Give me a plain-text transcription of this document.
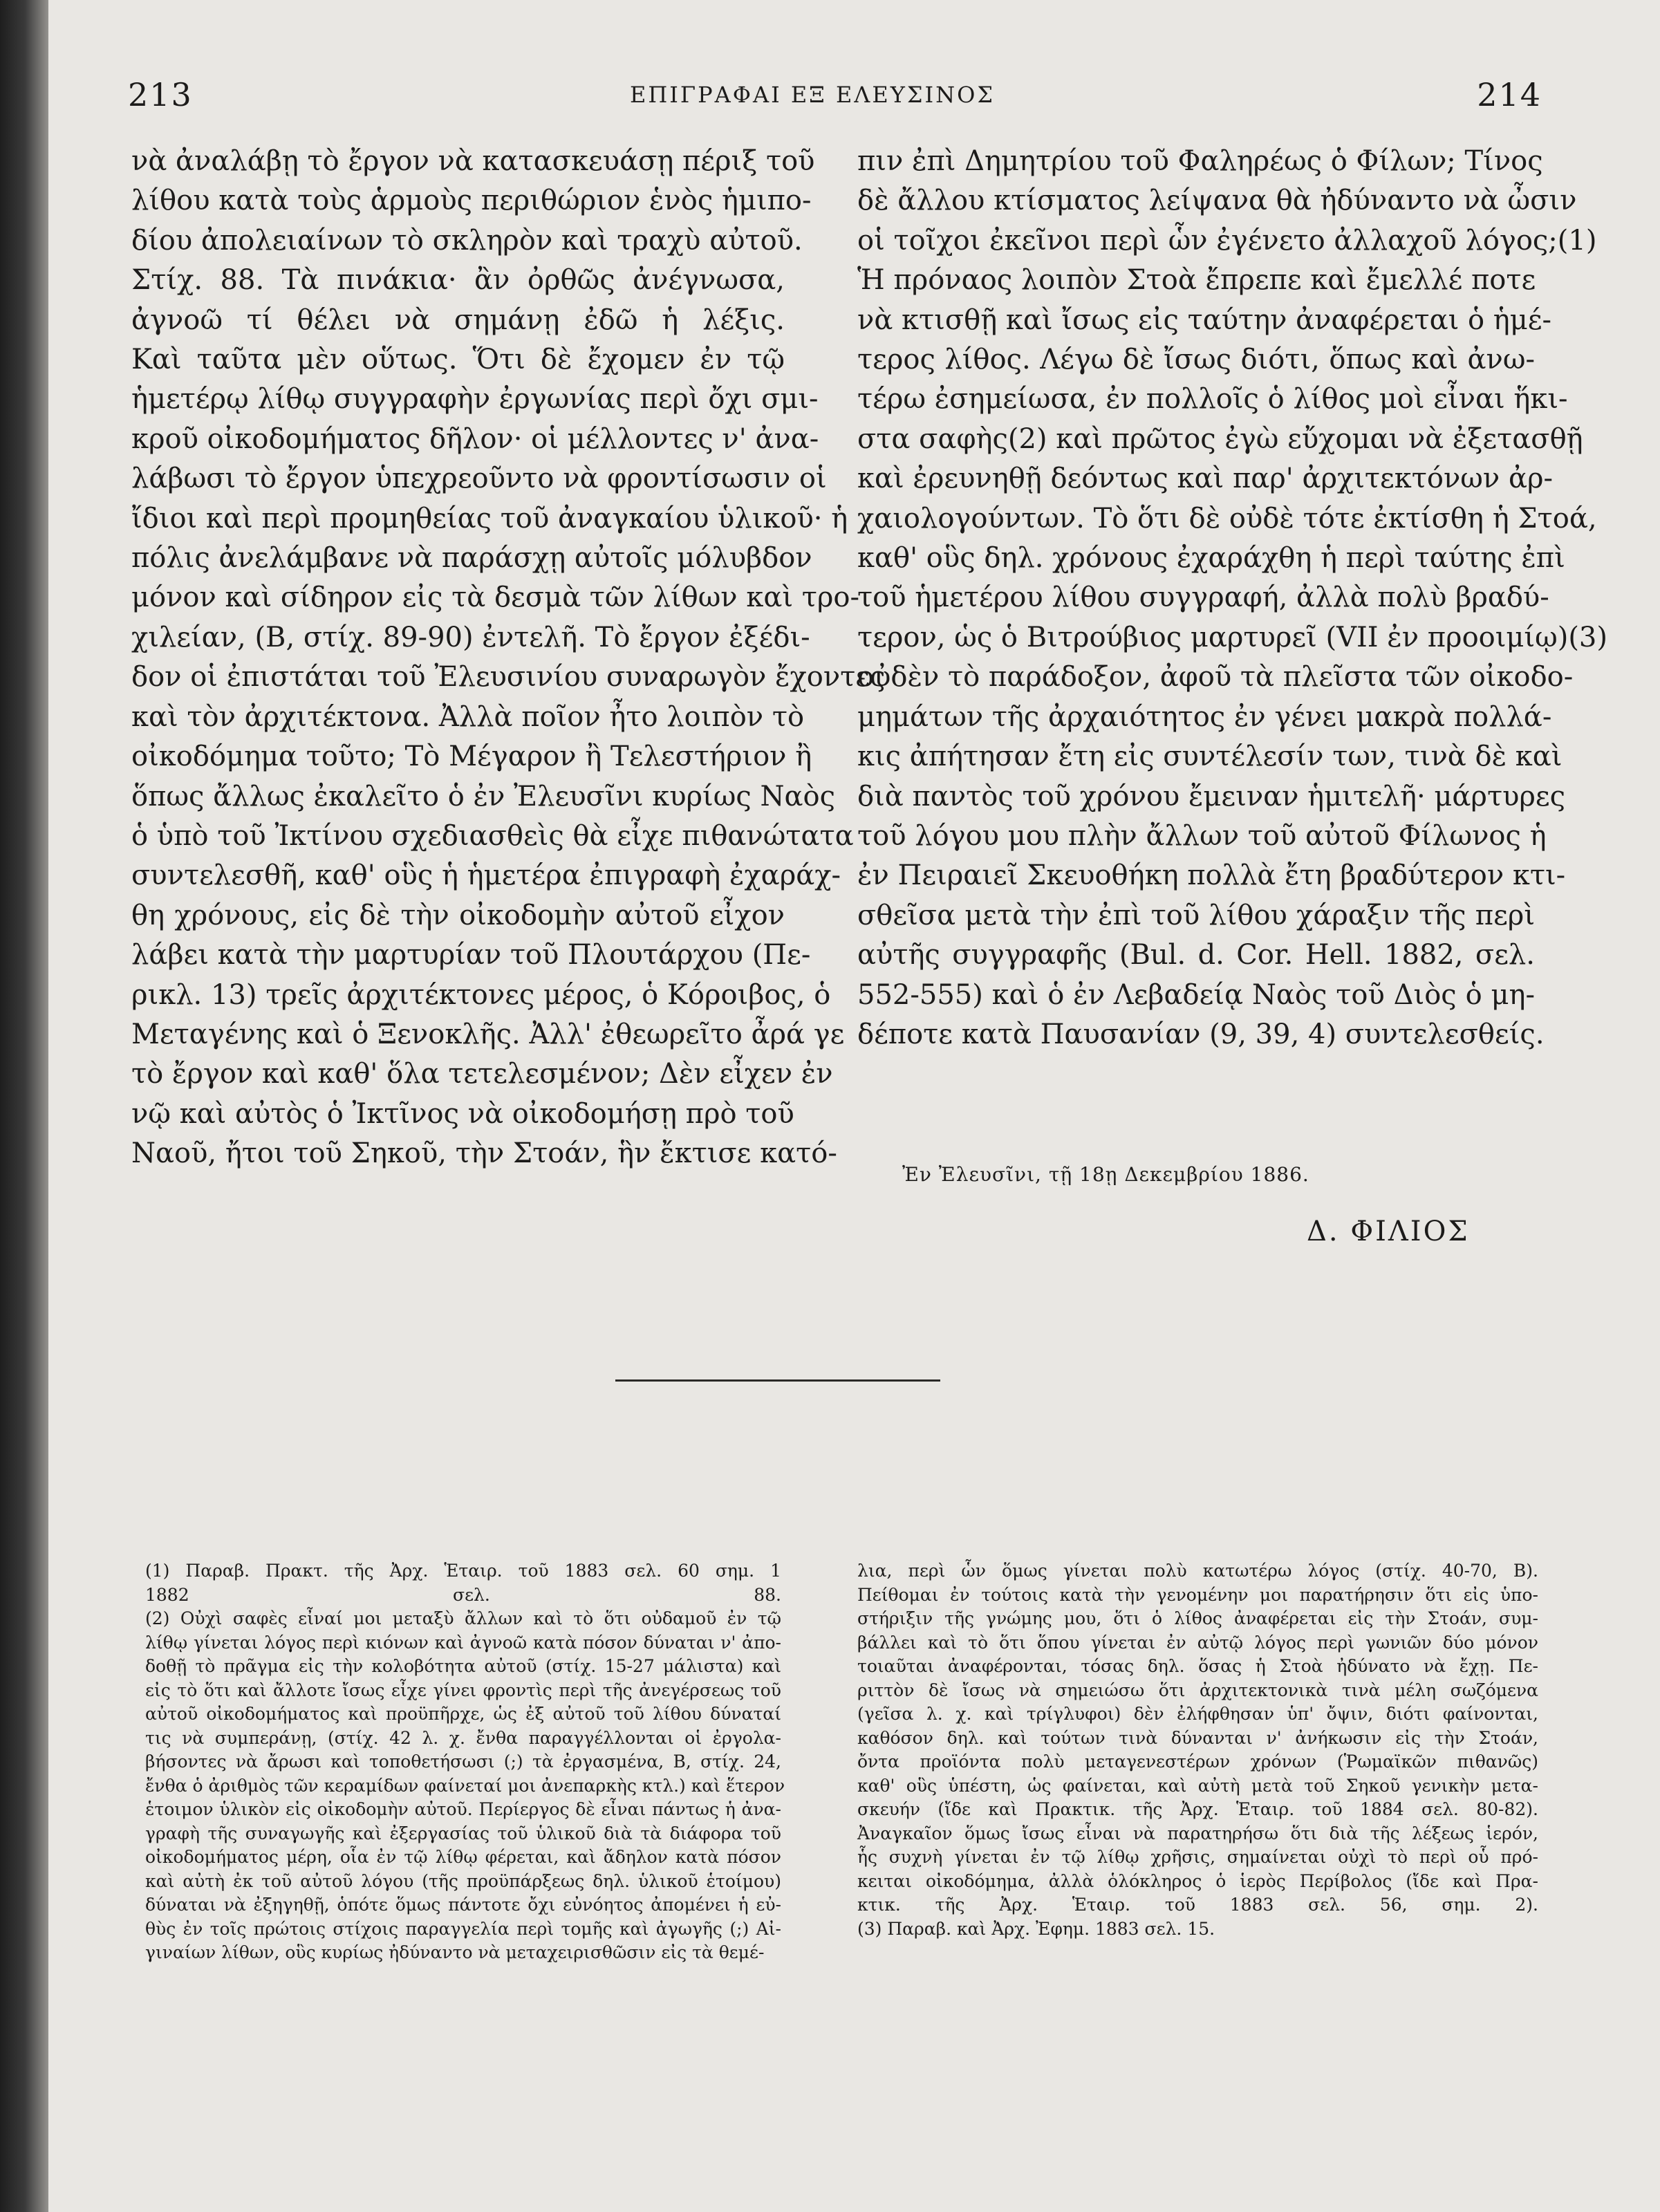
213	ΕΠΙΓΡΑΦΑΙ ΕΞ ΕΛΕΥΣΙΝΟΣ	214
νὰ ἀναλάβῃ τὸ ἔργον νὰ κατασκευάσῃ πέριξ τοῦ
λίθου κατὰ τοὺς ἁρμοὺς περιθώριον ἑνὸς ἡμιπο-
δίου ἀπολειαίνων τὸ σκληρὸν καὶ τραχὺ αὐτοῦ.
Στίχ. 88. Τὰ πινάκια· ἂν ὀρθῶς ἀνέγνωσα,
ἀγνοῶ τί θέλει νὰ σημάνῃ ἐδῶ ἡ λέξις.
Καὶ ταῦτα μὲν οὕτως. Ὅτι δὲ ἔχομεν ἐν τῷ
ἡμετέρῳ λίθῳ συγγραφὴν ἐργωνίας περὶ ὄχι σμι-
κροῦ οἰκοδομήματος δῆλον· οἱ μέλλοντες ν' ἀνα-
λάβωσι τὸ ἔργον ὑπεχρεοῦντο νὰ φροντίσωσιν οἱ
ἴδιοι καὶ περὶ προμηθείας τοῦ ἀναγκαίου ὑλικοῦ· ἡ
πόλις ἀνελάμβανε νὰ παράσχῃ αὐτοῖς μόλυβδον
μόνον καὶ σίδηρον εἰς τὰ δεσμὰ τῶν λίθων καὶ τρο-
χιλείαν, (Β, στίχ. 89-90) ἐντελῆ. Τὸ ἔργον ἐξέδι-
δον οἱ ἐπιστάται τοῦ Ἐλευσινίου συναρωγὸν ἔχοντες
καὶ τὸν ἀρχιτέκτονα. Ἀλλὰ ποῖον ἦτο λοιπὸν τὸ
οἰκοδόμημα τοῦτο; Τὸ Μέγαρον ἢ Τελεστήριον ἢ
ὅπως ἄλλως ἐκαλεῖτο ὁ ἐν Ἐλευσῖνι κυρίως Ναὸς
ὁ ὑπὸ τοῦ Ἰκτίνου σχεδιασθεὶς θὰ εἶχε πιθανώτατα
συντελεσθῆ, καθ' οὓς ἡ ἡμετέρα ἐπιγραφὴ ἐχαράχ-
θη χρόνους, εἰς δὲ τὴν οἰκοδομὴν αὐτοῦ εἶχον
λάβει κατὰ τὴν μαρτυρίαν τοῦ Πλουτάρχου (Πε-
ρικλ. 13) τρεῖς ἀρχιτέκτονες μέρος, ὁ Κόροιβος, ὁ
Μεταγένης καὶ ὁ Ξενοκλῆς. Ἀλλ' ἐθεωρεῖτο ἆρά γε
τὸ ἔργον καὶ καθ' ὅλα τετελεσμένον; Δὲν εἶχεν ἐν
νῷ καὶ αὐτὸς ὁ Ἰκτῖνος νὰ οἰκοδομήσῃ πρὸ τοῦ
Ναοῦ, ἤτοι τοῦ Σηκοῦ, τὴν Στοάν, ἣν ἔκτισε κατό-
πιν ἐπὶ Δημητρίου τοῦ Φαληρέως ὁ Φίλων; Τίνος
δὲ ἄλλου κτίσματος λείψανα θὰ ἠδύναντο νὰ ὦσιν
οἱ τοῖχοι ἐκεῖνοι περὶ ὧν ἐγένετο ἀλλαχοῦ λόγος;(1)
Ἡ πρόναος λοιπὸν Στοὰ ἔπρεπε καὶ ἔμελλέ ποτε
νὰ κτισθῇ καὶ ἴσως εἰς ταύτην ἀναφέρεται ὁ ἡμέ-
τερος λίθος. Λέγω δὲ ἴσως διότι, ὅπως καὶ ἀνω-
τέρω ἐσημείωσα, ἐν πολλοῖς ὁ λίθος μοὶ εἶναι ἥκι-
στα σαφὴς(2) καὶ πρῶτος ἐγὼ εὔχομαι νὰ ἐξετασθῇ
καὶ ἐρευνηθῇ δεόντως καὶ παρ' ἀρχιτεκτόνων ἀρ-
χαιολογούντων. Τὸ ὅτι δὲ οὐδὲ τότε ἐκτίσθη ἡ Στοά,
καθ' οὓς δηλ. χρόνους ἐχαράχθη ἡ περὶ ταύτης ἐπὶ
τοῦ ἡμετέρου λίθου συγγραφή, ἀλλὰ πολὺ βραδύ-
τερον, ὡς ὁ Βιτρούβιος μαρτυρεῖ (VII ἐν προοιμίῳ)(3)
οὐδὲν τὸ παράδοξον, ἀφοῦ τὰ πλεῖστα τῶν οἰκοδο-
μημάτων τῆς ἀρχαιότητος ἐν γένει μακρὰ πολλά-
κις ἀπήτησαν ἔτη εἰς συντέλεσίν των, τινὰ δὲ καὶ
διὰ παντὸς τοῦ χρόνου ἔμειναν ἡμιτελῆ· μάρτυρες
τοῦ λόγου μου πλὴν ἄλλων τοῦ αὐτοῦ Φίλωνος ἡ
ἐν Πειραιεῖ Σκευοθήκη πολλὰ ἔτη βραδύτερον κτι-
σθεῖσα μετὰ τὴν ἐπὶ τοῦ λίθου χάραξιν τῆς περὶ
αὐτῆς συγγραφῆς (Bul. d. Cor. Hell. 1882, σελ.
552-555) καὶ ὁ ἐν Λεβαδείᾳ Ναὸς τοῦ Διὸς ὁ μη-
δέποτε κατὰ Παυσανίαν (9, 39, 4) συντελεσθείς.
Ἐν Ἐλευσῖνι, τῇ 18ῃ Δεκεμβρίου 1886.
Δ. ΦΙΛΙΟΣ
(1) Παραβ. Πρακτ. τῆς Ἀρχ. Ἑταιρ. τοῦ 1883 σελ. 60 σημ. 1
1882 σελ. 88.
(2) Οὐχὶ σαφὲς εἶναί μοι μεταξὺ ἄλλων καὶ τὸ ὅτι οὐδαμοῦ ἐν τῷ
λίθῳ γίνεται λόγος περὶ κιόνων καὶ ἀγνοῶ κατὰ πόσον δύναται ν' ἀπο-
δοθῇ τὸ πρᾶγμα εἰς τὴν κολοβότητα αὐτοῦ (στίχ. 15-27 μάλιστα) καὶ
εἰς τὸ ὅτι καὶ ἄλλοτε ἴσως εἶχε γίνει φροντὶς περὶ τῆς ἀνεγέρσεως τοῦ
αὐτοῦ οἰκοδομήματος καὶ προϋπῆρχε, ὡς ἐξ αὐτοῦ τοῦ λίθου δύναταί
τις νὰ συμπεράνῃ, (στίχ. 42 λ. χ. ἔνθα παραγγέλλονται οἱ ἐργολα-
βήσοντες νὰ ἄρωσι καὶ τοποθετήσωσι (;) τὰ ἐργασμένα, Β, στίχ. 24,
ἔνθα ὁ ἀριθμὸς τῶν κεραμίδων φαίνεταί μοι ἀνεπαρκὴς κτλ.) καὶ ἕτερον
ἑτοιμον ὑλικὸν εἰς οἰκοδομὴν αὐτοῦ. Περίεργος δὲ εἶναι πάντως ἡ ἀνα-
γραφὴ τῆς συναγωγῆς καὶ ἐξεργασίας τοῦ ὑλικοῦ διὰ τὰ διάφορα τοῦ
οἰκοδομήματος μέρη, οἷα ἐν τῷ λίθῳ φέρεται, καὶ ἄδηλον κατὰ πόσον
καὶ αὐτὴ ἐκ τοῦ αὐτοῦ λόγου (τῆς προϋπάρξεως δηλ. ὑλικοῦ ἑτοίμου)
δύναται νὰ ἐξηγηθῇ, ὁπότε ὅμως πάντοτε ὄχι εὐνόητος ἀπομένει ἡ εὐ-
θὺς ἐν τοῖς πρώτοις στίχοις παραγγελία περὶ τομῆς καὶ ἀγωγῆς (;) Αἰ-
γιναίων λίθων, οὓς κυρίως ἠδύναντο νὰ μεταχειρισθῶσιν εἰς τὰ θεμέ-
λια, περὶ ὧν ὅμως γίνεται πολὺ κατωτέρω λόγος (στίχ. 40-70, Β).
Πείθομαι ἐν τούτοις κατὰ τὴν γενομένην μοι παρατήρησιν ὅτι εἰς ὑπο-
στήριξιν τῆς γνώμης μου, ὅτι ὁ λίθος ἀναφέρεται εἰς τὴν Στοάν, συμ-
βάλλει καὶ τὸ ὅτι ὅπου γίνεται ἐν αὐτῷ λόγος περὶ γωνιῶν δύο μόνον
τοιαῦται ἀναφέρονται, τόσας δηλ. ὅσας ἡ Στοὰ ἠδύνατο νὰ ἔχῃ. Πε-
ριττὸν δὲ ἴσως νὰ σημειώσω ὅτι ἀρχιτεκτονικὰ τινὰ μέλη σωζόμενα
(γεῖσα λ. χ. καὶ τρίγλυφοι) δὲν ἐλήφθησαν ὑπ' ὄψιν, διότι φαίνονται,
καθόσον δηλ. καὶ τούτων τινὰ δύνανται ν' ἀνήκωσιν εἰς τὴν Στοάν,
ὄντα προϊόντα πολὺ μεταγενεστέρων χρόνων (Ῥωμαϊκῶν πιθανῶς)
καθ' οὓς ὑπέστη, ὡς φαίνεται, καὶ αὐτὴ μετὰ τοῦ Σηκοῦ γενικὴν μετα-
σκευήν (ἴδε καὶ Πρακτικ. τῆς Ἀρχ. Ἑταιρ. τοῦ 1884 σελ. 80-82).
Ἀναγκαῖον ὅμως ἴσως εἶναι νὰ παρατηρήσω ὅτι διὰ τῆς λέξεως ἱερόν,
ἧς συχνὴ γίνεται ἐν τῷ λίθῳ χρῆσις, σημαίνεται οὐχὶ τὸ περὶ οὗ πρό-
κειται οἰκοδόμημα, ἀλλὰ ὁλόκληρος ὁ ἱερὸς Περίβολος (ἴδε καὶ Πρα-
κτικ. τῆς Ἀρχ. Ἑταιρ. τοῦ 1883 σελ. 56, σημ. 2).
(3) Παραβ. καὶ Ἀρχ. Ἐφημ. 1883 σελ. 15.
